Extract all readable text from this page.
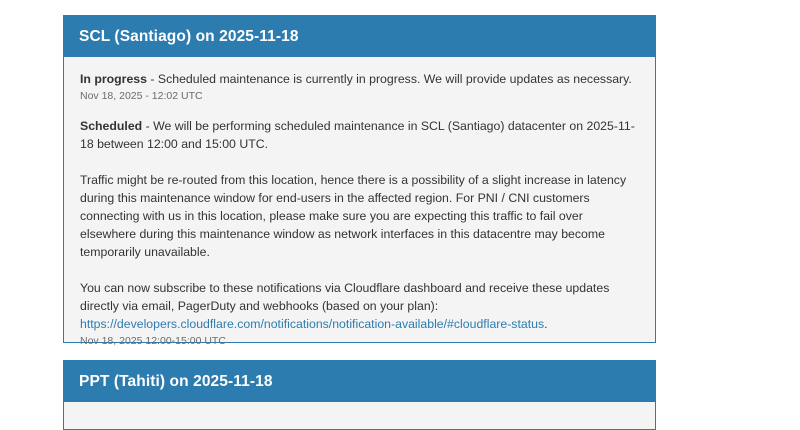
SCL (Santiago) on 2025-11-18

In progress - Scheduled maintenance is currently in progress. We will provide updates as necessary.

Nov 18, 2025 - 12:02 UTC

Scheduled - We will be performing scheduled maintenance in SCL (Santiago) datacenter on 2025-11-18 between 12:00 and 15:00 UTC.

Traffic might be re-routed from this location, hence there is a possibility of a slight increase in latency during this maintenance window for end-users in the affected region. For PNI / CNI customers connecting with us in this location, please make sure you are expecting this traffic to fail over elsewhere during this maintenance window as network interfaces in this datacentre may become temporarily unavailable.

You can now subscribe to these notifications via Cloudflare dashboard and receive these updates directly via email, PagerDuty and webhooks (based on your plan):
https://developers.cloudflare.com/notifications/notification-available/#cloudflare-status.

Nov 18, 2025 12:00-15:00 UTC
PPT (Tahiti) on 2025-11-18
